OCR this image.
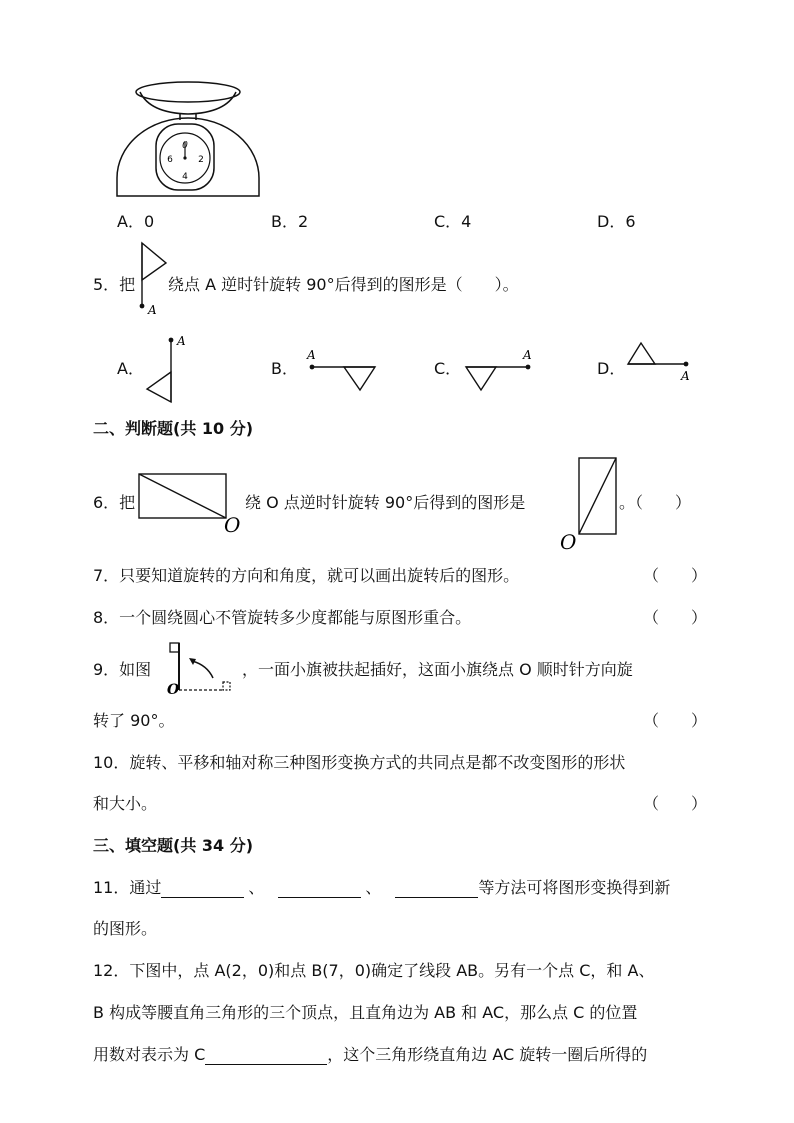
0
2
4
6
A．0	B．2	C．4	D．6
5．把
A
绕点 A 逆时针旋转 90°后得到的图形是（　　）。
A．
A
B．
A
C．
A
D．	A
二、判断题(共 10 分)
6．把
O
绕 O 点逆时针旋转 90°后得到的图形是
O
。（　　）
7．只要知道旋转的方向和角度，就可以画出旋转后的图形。	（　　）
8．一个圆绕圆心不管旋转多少度都能与原图形重合。	（　　）
9．如图
O
，一面小旗被扶起插好，这面小旗绕点 O 顺时针方向旋
转了 90°。	（　　）
10．旋转、平移和轴对称三种图形变换方式的共同点是都不改变图形的形状
和大小。	（　　）
三、填空题(共 34 分)
11．通过	、	、	等方法可将图形变换得到新
的图形。
12．下图中，点 A(2，0)和点 B(7，0)确定了线段 AB。另有一个点 C，和 A、
B 构成等腰直角三角形的三个顶点，且直角边为 AB 和 AC，那么点 C 的位置
用数对表示为 C	，这个三角形绕直角边 AC 旋转一圈后所得的
